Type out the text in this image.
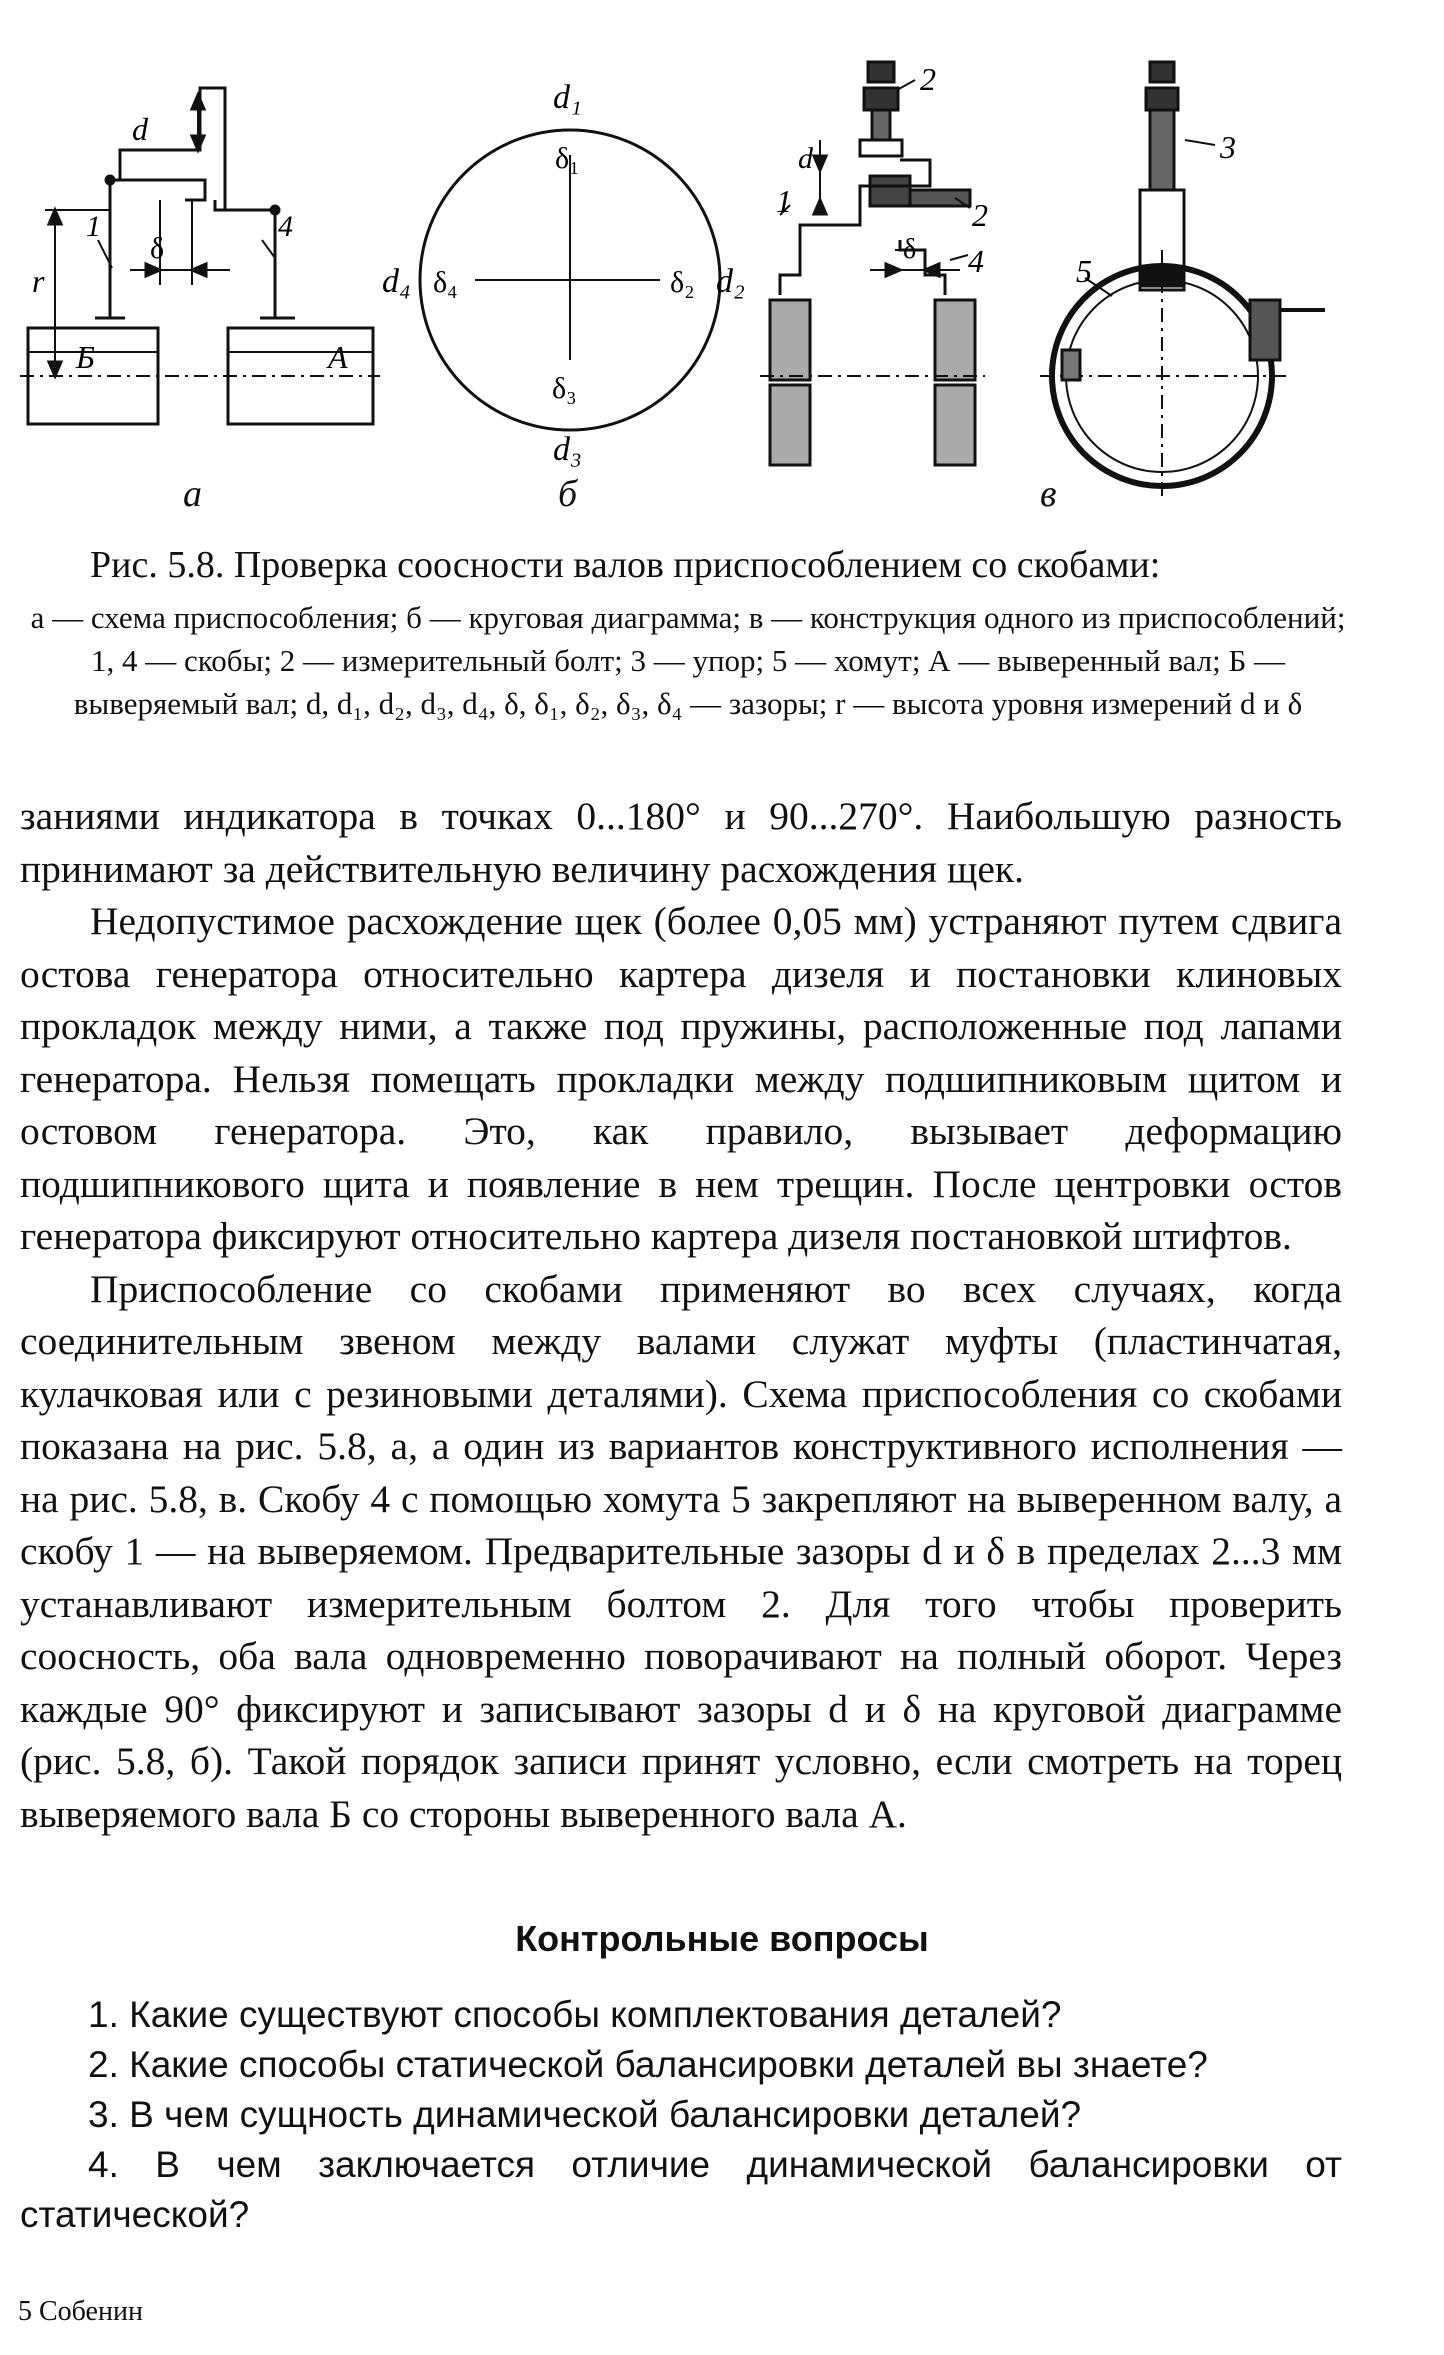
d
δ
r
1	4
Б	А
d₁
δ₁
δ₂ d₂
δ₃
d₃
δ₄
d₄
2
2
1
4
3
5
d
δ
а	б	в
Рис. 5.8. Проверка соосности валов приспособлением со скобами:
а — схема приспособления; б — круговая диаграмма; в — конструкция одного из приспособлений; 1, 4 — скобы; 2 — измерительный болт; 3 — упор; 5 — хомут; А — выверенный вал; Б — выверяемый вал; d, d₁, d₂, d₃, d₄, δ, δ₁, δ₂, δ₃, δ₄ — зазоры; r — высота уровня измерений d и δ

заниями индикатора в точках 0...180° и 90...270°. Наибольшую разность принимают за действительную величину расхождения щек.

Недопустимое расхождение щек (более 0,05 мм) устраняют путем сдвига остова генератора относительно картера дизеля и постановки клиновых прокладок между ними, а также под пружины, расположенные под лапами генератора. Нельзя помещать прокладки между подшипниковым щитом и остовом генератора. Это, как правило, вызывает деформацию подшипникового щита и появление в нем трещин. После центровки остов генератора фиксируют относительно картера дизеля постановкой штифтов.

Приспособление со скобами применяют во всех случаях, когда соединительным звеном между валами служат муфты (пластинчатая, кулачковая или с резиновыми деталями). Схема приспособления со скобами показана на рис. 5.8, а, а один из вариантов конструктивного исполнения — на рис. 5.8, в. Скобу 4 с помощью хомута 5 закрепляют на выверенном валу, а скобу 1 — на выверяемом. Предварительные зазоры d и δ в пределах 2...3 мм устанавливают измерительным болтом 2. Для того чтобы проверить соосность, оба вала одновременно поворачивают на полный оборот. Через каждые 90° фиксируют и записывают зазоры d и δ на круговой диаграмме (рис. 5.8, б). Такой порядок записи принят условно, если смотреть на торец выверяемого вала Б со стороны выверенного вала А.

Контрольные вопросы
1. Какие существуют способы комплектования деталей?
2. Какие способы статической балансировки деталей вы знаете?
3. В чем сущность динамической балансировки деталей?
4. В чем заключается отличие динамической балансировки от статической?
5 Собенин
